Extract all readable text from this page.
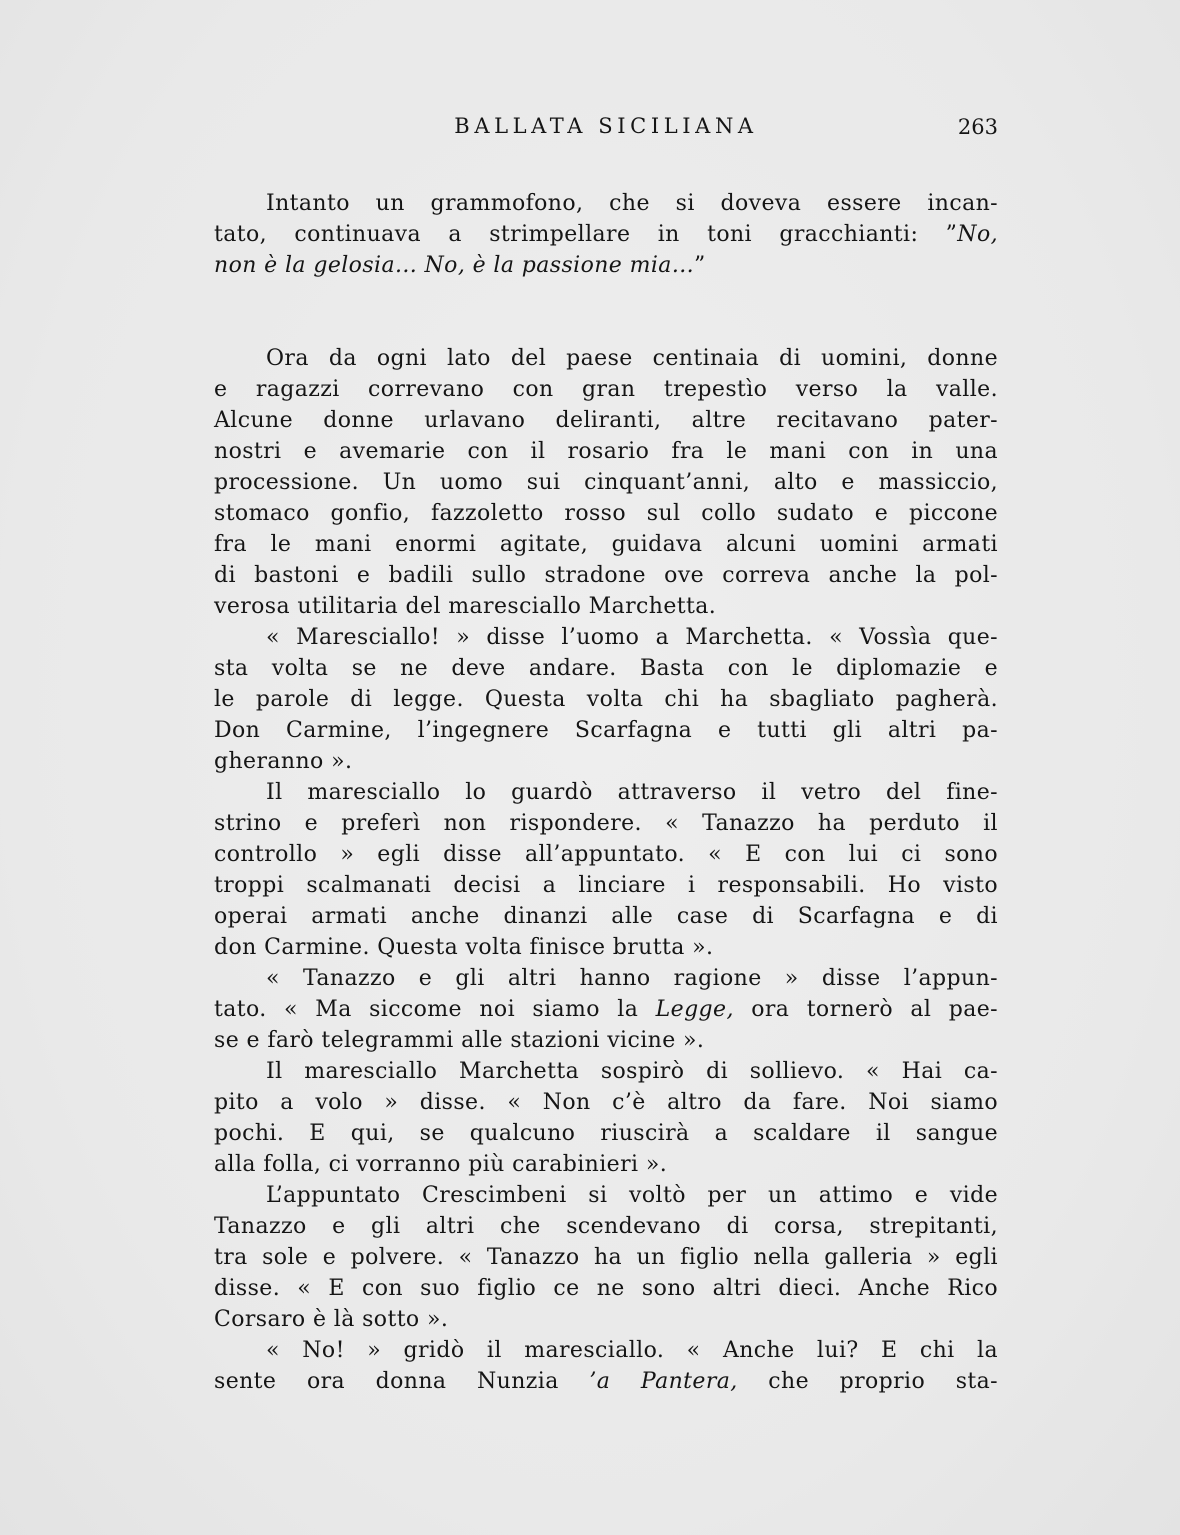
BALLATA SICILIANA	263

Intanto un grammofono, che si doveva essere incan-

tato, continuava a strimpellare in toni gracchianti: ”No,

non è la gelosia... No, è la passione mia...”

Ora da ogni lato del paese centinaia di uomini, donne

e ragazzi correvano con gran trepestìo verso la valle.

Alcune donne urlavano deliranti, altre recitavano pater-

nostri e avemarie con il rosario fra le mani con in una

processione. Un uomo sui cinquant’anni, alto e massiccio,

stomaco gonfio, fazzoletto rosso sul collo sudato e piccone

fra le mani enormi agitate, guidava alcuni uomini armati

di bastoni e badili sullo stradone ove correva anche la pol-

verosa utilitaria del maresciallo Marchetta.

« Maresciallo! » disse l’uomo a Marchetta. « Vossìa que-

sta volta se ne deve andare. Basta con le diplomazie e

le parole di legge. Questa volta chi ha sbagliato pagherà.

Don Carmine, l’ingegnere Scarfagna e tutti gli altri pa-

gheranno ».

Il maresciallo lo guardò attraverso il vetro del fine-

strino e preferì non rispondere. « Tanazzo ha perduto il

controllo » egli disse all’appuntato. « E con lui ci sono

troppi scalmanati decisi a linciare i responsabili. Ho visto

operai armati anche dinanzi alle case di Scarfagna e di

don Carmine. Questa volta finisce brutta ».

« Tanazzo e gli altri hanno ragione » disse l’appun-

tato. « Ma siccome noi siamo la Legge, ora tornerò al pae-

se e farò telegrammi alle stazioni vicine ».

Il maresciallo Marchetta sospirò di sollievo. « Hai ca-

pito a volo » disse. « Non c’è altro da fare. Noi siamo

pochi. E qui, se qualcuno riuscirà a scaldare il sangue

alla folla, ci vorranno più carabinieri ».

L’appuntato Crescimbeni si voltò per un attimo e vide

Tanazzo e gli altri che scendevano di corsa, strepitanti,

tra sole e polvere. « Tanazzo ha un figlio nella galleria » egli

disse. « E con suo figlio ce ne sono altri dieci. Anche Rico

Corsaro è là sotto ».

« No! » gridò il maresciallo. « Anche lui? E chi la

sente ora donna Nunzia ’a Pantera, che proprio sta-
